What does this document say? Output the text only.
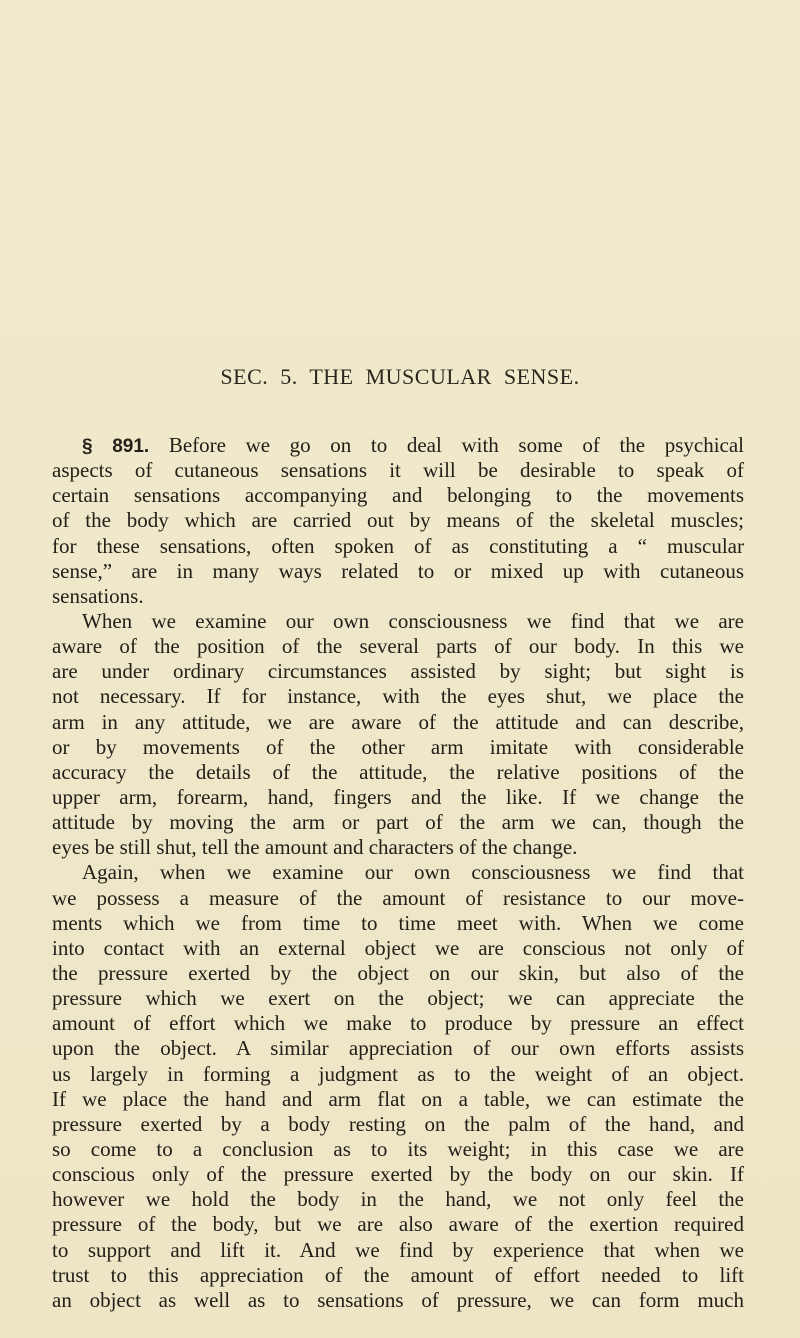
SEC. 5. THE MUSCULAR SENSE.
§ 891. Before we go on to deal with some of the psychical
aspects of cutaneous sensations it will be desirable to speak of
certain sensations accompanying and belonging to the movements
of the body which are carried out by means of the skeletal muscles;
for these sensations, often spoken of as constituting a “ muscular
sense,” are in many ways related to or mixed up with cutaneous
sensations.
When we examine our own consciousness we find that we are
aware of the position of the several parts of our body. In this we
are under ordinary circumstances assisted by sight; but sight is
not necessary. If for instance, with the eyes shut, we place the
arm in any attitude, we are aware of the attitude and can describe,
or by movements of the other arm imitate with considerable
accuracy the details of the attitude, the relative positions of the
upper arm, forearm, hand, fingers and the like. If we change the
attitude by moving the arm or part of the arm we can, though the
eyes be still shut, tell the amount and characters of the change.
Again, when we examine our own consciousness we find that
we possess a measure of the amount of resistance to our move-
ments which we from time to time meet with. When we come
into contact with an external object we are conscious not only of
the pressure exerted by the object on our skin, but also of the
pressure which we exert on the object; we can appreciate the
amount of effort which we make to produce by pressure an effect
upon the object. A similar appreciation of our own efforts assists
us largely in forming a judgment as to the weight of an object.
If we place the hand and arm flat on a table, we can estimate the
pressure exerted by a body resting on the palm of the hand, and
so come to a conclusion as to its weight; in this case we are
conscious only of the pressure exerted by the body on our skin. If
however we hold the body in the hand, we not only feel the
pressure of the body, but we are also aware of the exertion required
to support and lift it. And we find by experience that when we
trust to this appreciation of the amount of effort needed to lift
an object as well as to sensations of pressure, we can form much
